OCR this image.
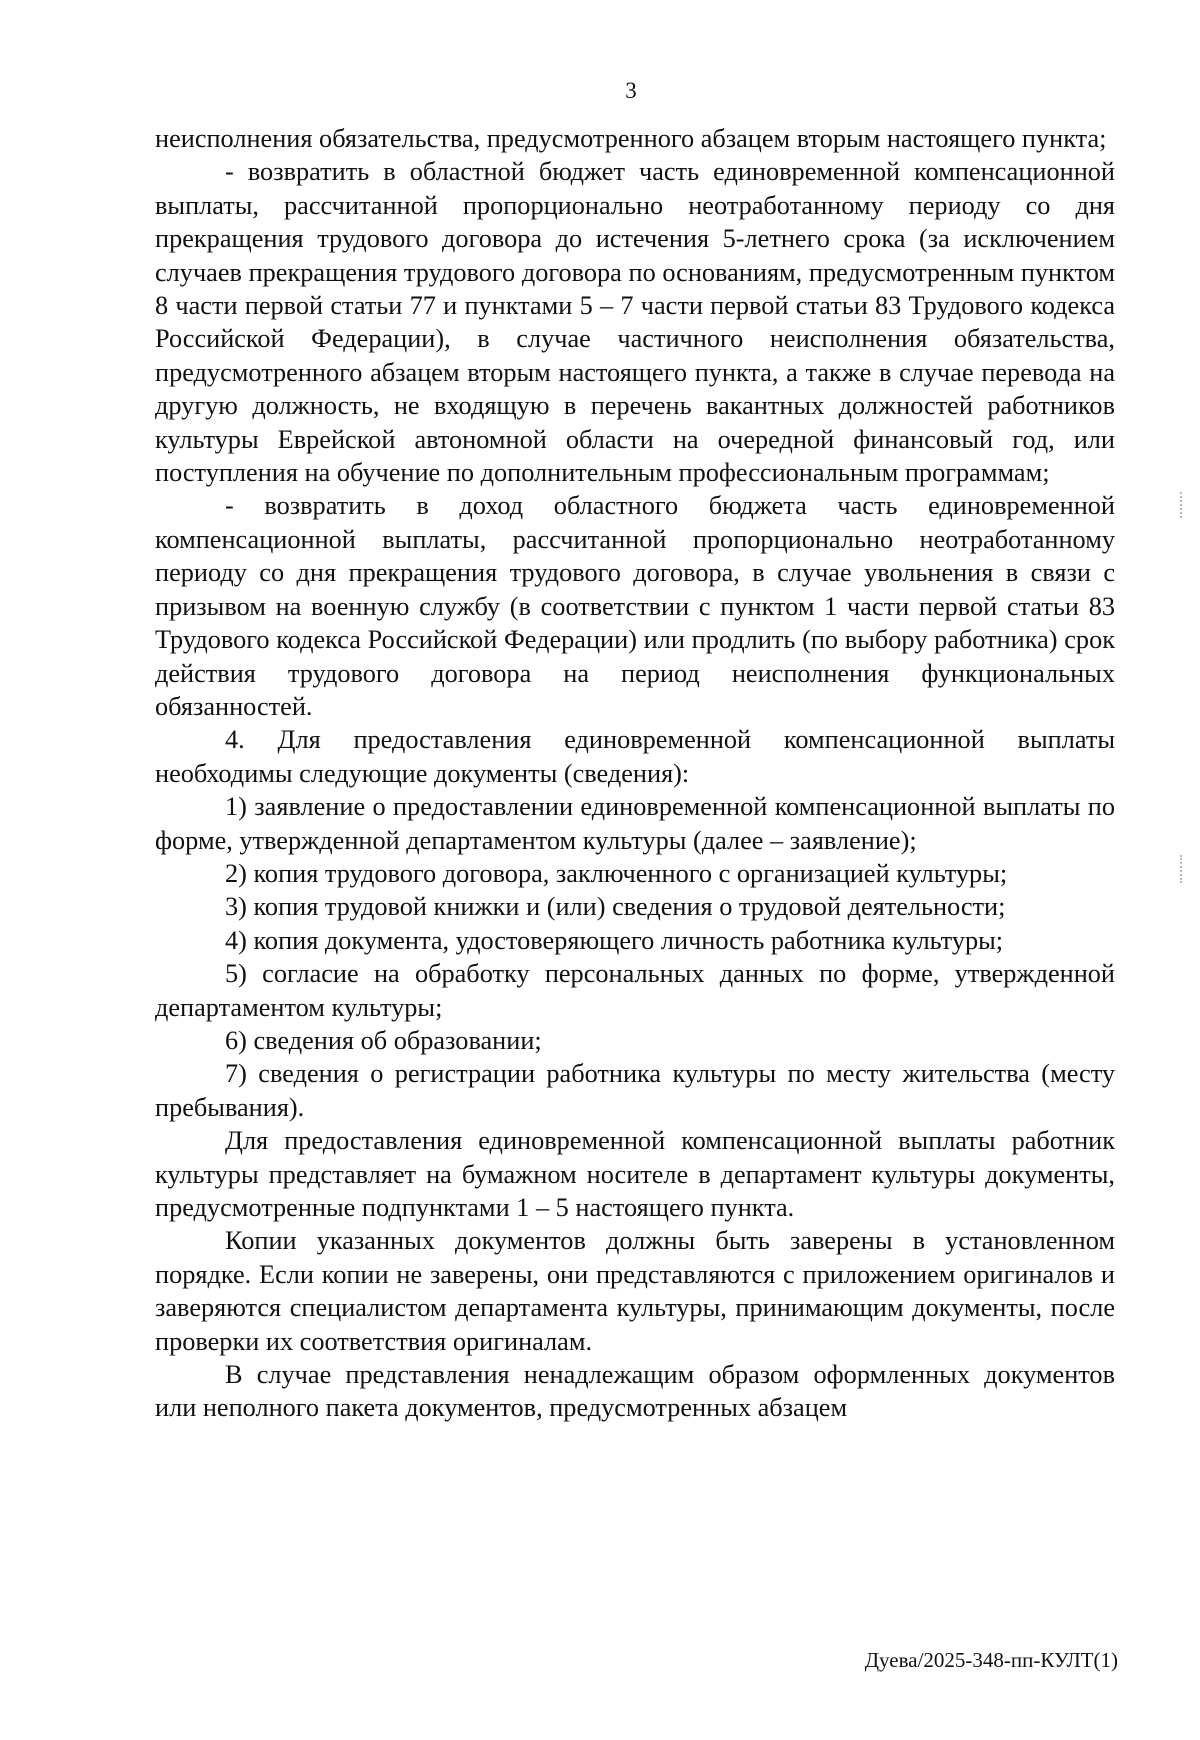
3

неисполнения обязательства, предусмотренного абзацем вторым настоящего пункта;

- возвратить в областной бюджет часть единовременной компенсационной выплаты, рассчитанной пропорционально неотработанному периоду со дня прекращения трудового договора до истечения 5-летнего срока (за исключением случаев прекращения трудового договора по основаниям, предусмотренным пунктом 8 части первой статьи 77 и пунктами 5 – 7 части первой статьи 83 Трудового кодекса Российской Федерации), в случае частичного неисполнения обязательства, предусмотренного абзацем вторым настоящего пункта, а также в случае перевода на другую должность, не входящую в перечень вакантных должностей работников культуры Еврейской автономной области на очередной финансовый год, или поступления на обучение по дополнительным профессиональным программам;

- возвратить в доход областного бюджета часть единовременной компенсационной выплаты, рассчитанной пропорционально неотработанному периоду со дня прекращения трудового договора, в случае увольнения в связи с призывом на военную службу (в соответствии с пунктом 1 части первой статьи 83 Трудового кодекса Российской Федерации) или продлить (по выбору работника) срок действия трудового договора на период неисполнения функциональных обязанностей.

4. Для предоставления единовременной компенсационной выплаты необходимы следующие документы (сведения):

1) заявление о предоставлении единовременной компенсационной выплаты по форме, утвержденной департаментом культуры (далее – заявление);

2) копия трудового договора, заключенного с организацией культуры;

3) копия трудовой книжки и (или) сведения о трудовой деятельности;

4) копия документа, удостоверяющего личность работника культуры;

5) согласие на обработку персональных данных по форме, утвержденной департаментом культуры;

6) сведения об образовании;

7) сведения о регистрации работника культуры по месту жительства (месту пребывания).

Для предоставления единовременной компенсационной выплаты работник культуры представляет на бумажном носителе в департамент культуры документы, предусмотренные подпунктами 1 – 5 настоящего пункта.

Копии указанных документов должны быть заверены в установленном порядке. Если копии не заверены, они представляются с приложением оригиналов и заверяются специалистом департамента культуры, принимающим документы, после проверки их соответствия оригиналам.

В случае представления ненадлежащим образом оформленных документов или неполного пакета документов, предусмотренных абзацем

Дуева/2025-348-пп-КУЛТ(1)
